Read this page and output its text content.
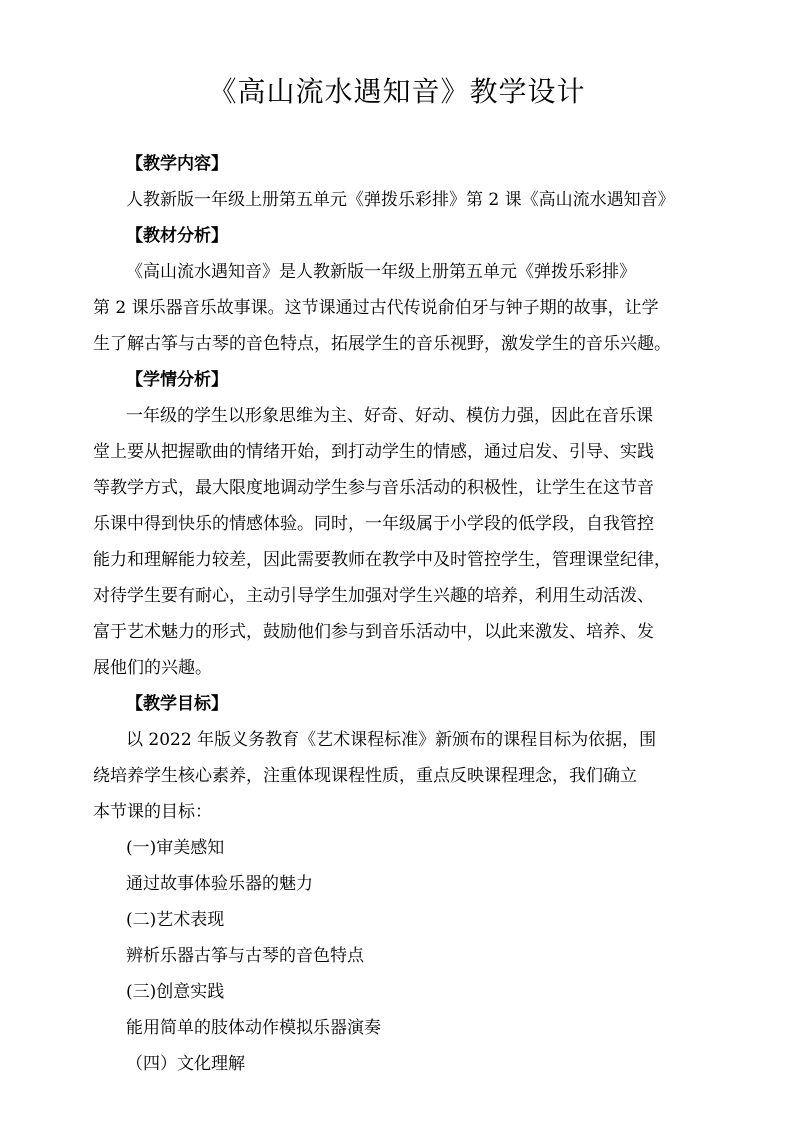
《高山流水遇知音》教学设计
【教学内容】
人教新版一年级上册第五单元《弹拨乐彩排》第 2 课《高山流水遇知音》
【教材分析】
《高山流水遇知音》是人教新版一年级上册第五单元《弹拨乐彩排》
第 2 课乐器音乐故事课。这节课通过古代传说俞伯牙与钟子期的故事，让学
生了解古筝与古琴的音色特点，拓展学生的音乐视野，激发学生的音乐兴趣。
【学情分析】
一年级的学生以形象思维为主、好奇、好动、模仿力强，因此在音乐课
堂上要从把握歌曲的情绪开始，到打动学生的情感，通过启发、引导、实践
等教学方式，最大限度地调动学生参与音乐活动的积极性，让学生在这节音
乐课中得到快乐的情感体验。同时，一年级属于小学段的低学段，自我管控
能力和理解能力较差，因此需要教师在教学中及时管控学生，管理课堂纪律，
对待学生要有耐心，主动引导学生加强对学生兴趣的培养，利用生动活泼、
富于艺术魅力的形式，鼓励他们参与到音乐活动中，以此来激发、培养、发
展他们的兴趣。
【教学目标】
以 2022 年版义务教育《艺术课程标准》新颁布的课程目标为依据，围
绕培养学生核心素养，注重体现课程性质，重点反映课程理念，我们确立
本节课的目标：
(一)审美感知
通过故事体验乐器的魅力
(二)艺术表现
辨析乐器古筝与古琴的音色特点
(三)创意实践
能用简单的肢体动作模拟乐器演奏
（四）文化理解
